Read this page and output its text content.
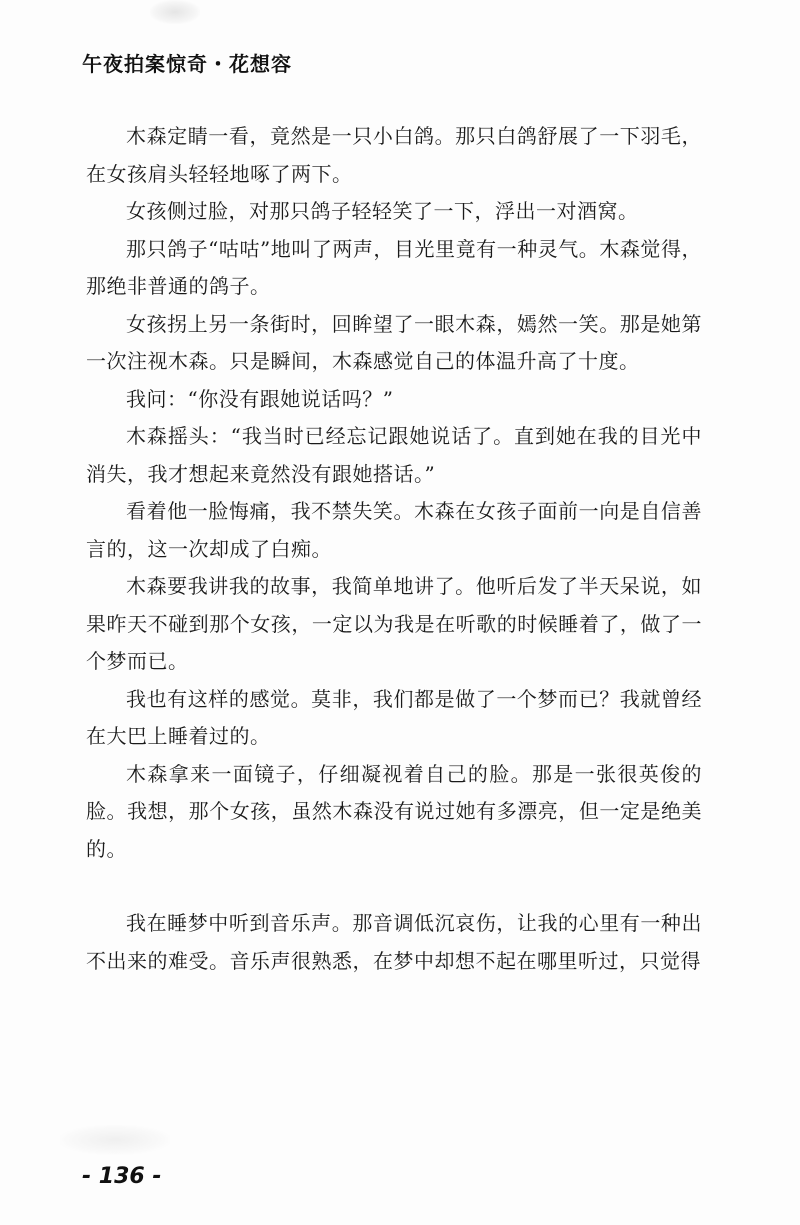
午夜拍案惊奇・花想容

木森定睛一看，竟然是一只小白鸽。那只白鸽舒展了一下羽毛，在女孩肩头轻轻地啄了两下。

女孩侧过脸，对那只鸽子轻轻笑了一下，浮出一对酒窝。

那只鸽子“咕咕”地叫了两声，目光里竟有一种灵气。木森觉得，那绝非普通的鸽子。

女孩拐上另一条街时，回眸望了一眼木森，嫣然一笑。那是她第一次注视木森。只是瞬间，木森感觉自己的体温升高了十度。

我问：“你没有跟她说话吗？”

木森摇头：“我当时已经忘记跟她说话了。直到她在我的目光中消失，我才想起来竟然没有跟她搭话。”

看着他一脸悔痛，我不禁失笑。木森在女孩子面前一向是自信善言的，这一次却成了白痴。

木森要我讲我的故事，我简单地讲了。他听后发了半天呆说，如果昨天不碰到那个女孩，一定以为我是在听歌的时候睡着了，做了一个梦而已。

我也有这样的感觉。莫非，我们都是做了一个梦而已？我就曾经在大巴上睡着过的。

木森拿来一面镜子，仔细凝视着自己的脸。那是一张很英俊的脸。我想，那个女孩，虽然木森没有说过她有多漂亮，但一定是绝美的。

我在睡梦中听到音乐声。那音调低沉哀伤，让我的心里有一种出不出来的难受。音乐声很熟悉，在梦中却想不起在哪里听过，只觉得

- 136 -
